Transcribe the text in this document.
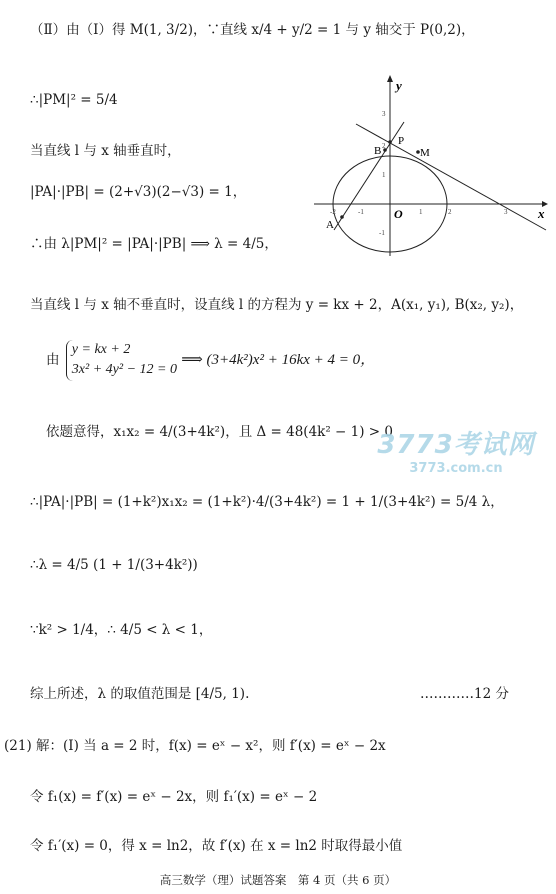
（Ⅱ）由（Ⅰ）得 M(1, 3/2)，∵直线 x/4 + y/2 = 1 与 y 轴交于 P(0,2)，
∴|PM|² = 5/4
当直线 l 与 x 轴垂直时，
|PA|·|PB| = (2+√3)(2−√3) = 1，
∴由 λ|PM|² = |PA|·|PB| ⟹ λ = 4/5，
当直线 l 与 x 轴不垂直时，设直线 l 的方程为 y = kx + 2，A(x₁, y₁), B(x₂, y₂)，
由
y = kx + 2
3x² + 4y² − 12 = 0
⟹ (3+4k²)x² + 16kx + 4 = 0，
依题意得，x₁x₂ = 4/(3+4k²)，且 Δ = 48(4k² − 1) > 0
∴|PA|·|PB| = (1+k²)x₁x₂ = (1+k²)·4/(3+4k²) = 1 + 1/(3+4k²) = 5/4 λ，
∴λ = 4/5 (1 + 1/(3+4k²))
∵k² > 1/4，∴ 4/5 < λ < 1，
综上所述，λ 的取值范围是 [4/5, 1).	…………12 分
(21) 解：(Ⅰ) 当 a = 2 时，f(x) = eˣ − x²，则 f′(x) = eˣ − 2x
令 f₁(x) = f′(x) = eˣ − 2x，则 f₁′(x) = eˣ − 2
令 f₁′(x) = 0，得 x = ln2，故 f′(x) 在 x = ln2 时取得最小值
y
x
O
A
B
P
M
-2	-1	1	2	3
3
2
1
-1
3773考试网
3773.com.cn
高三数学（理）试题答案　第 4 页（共 6 页）
